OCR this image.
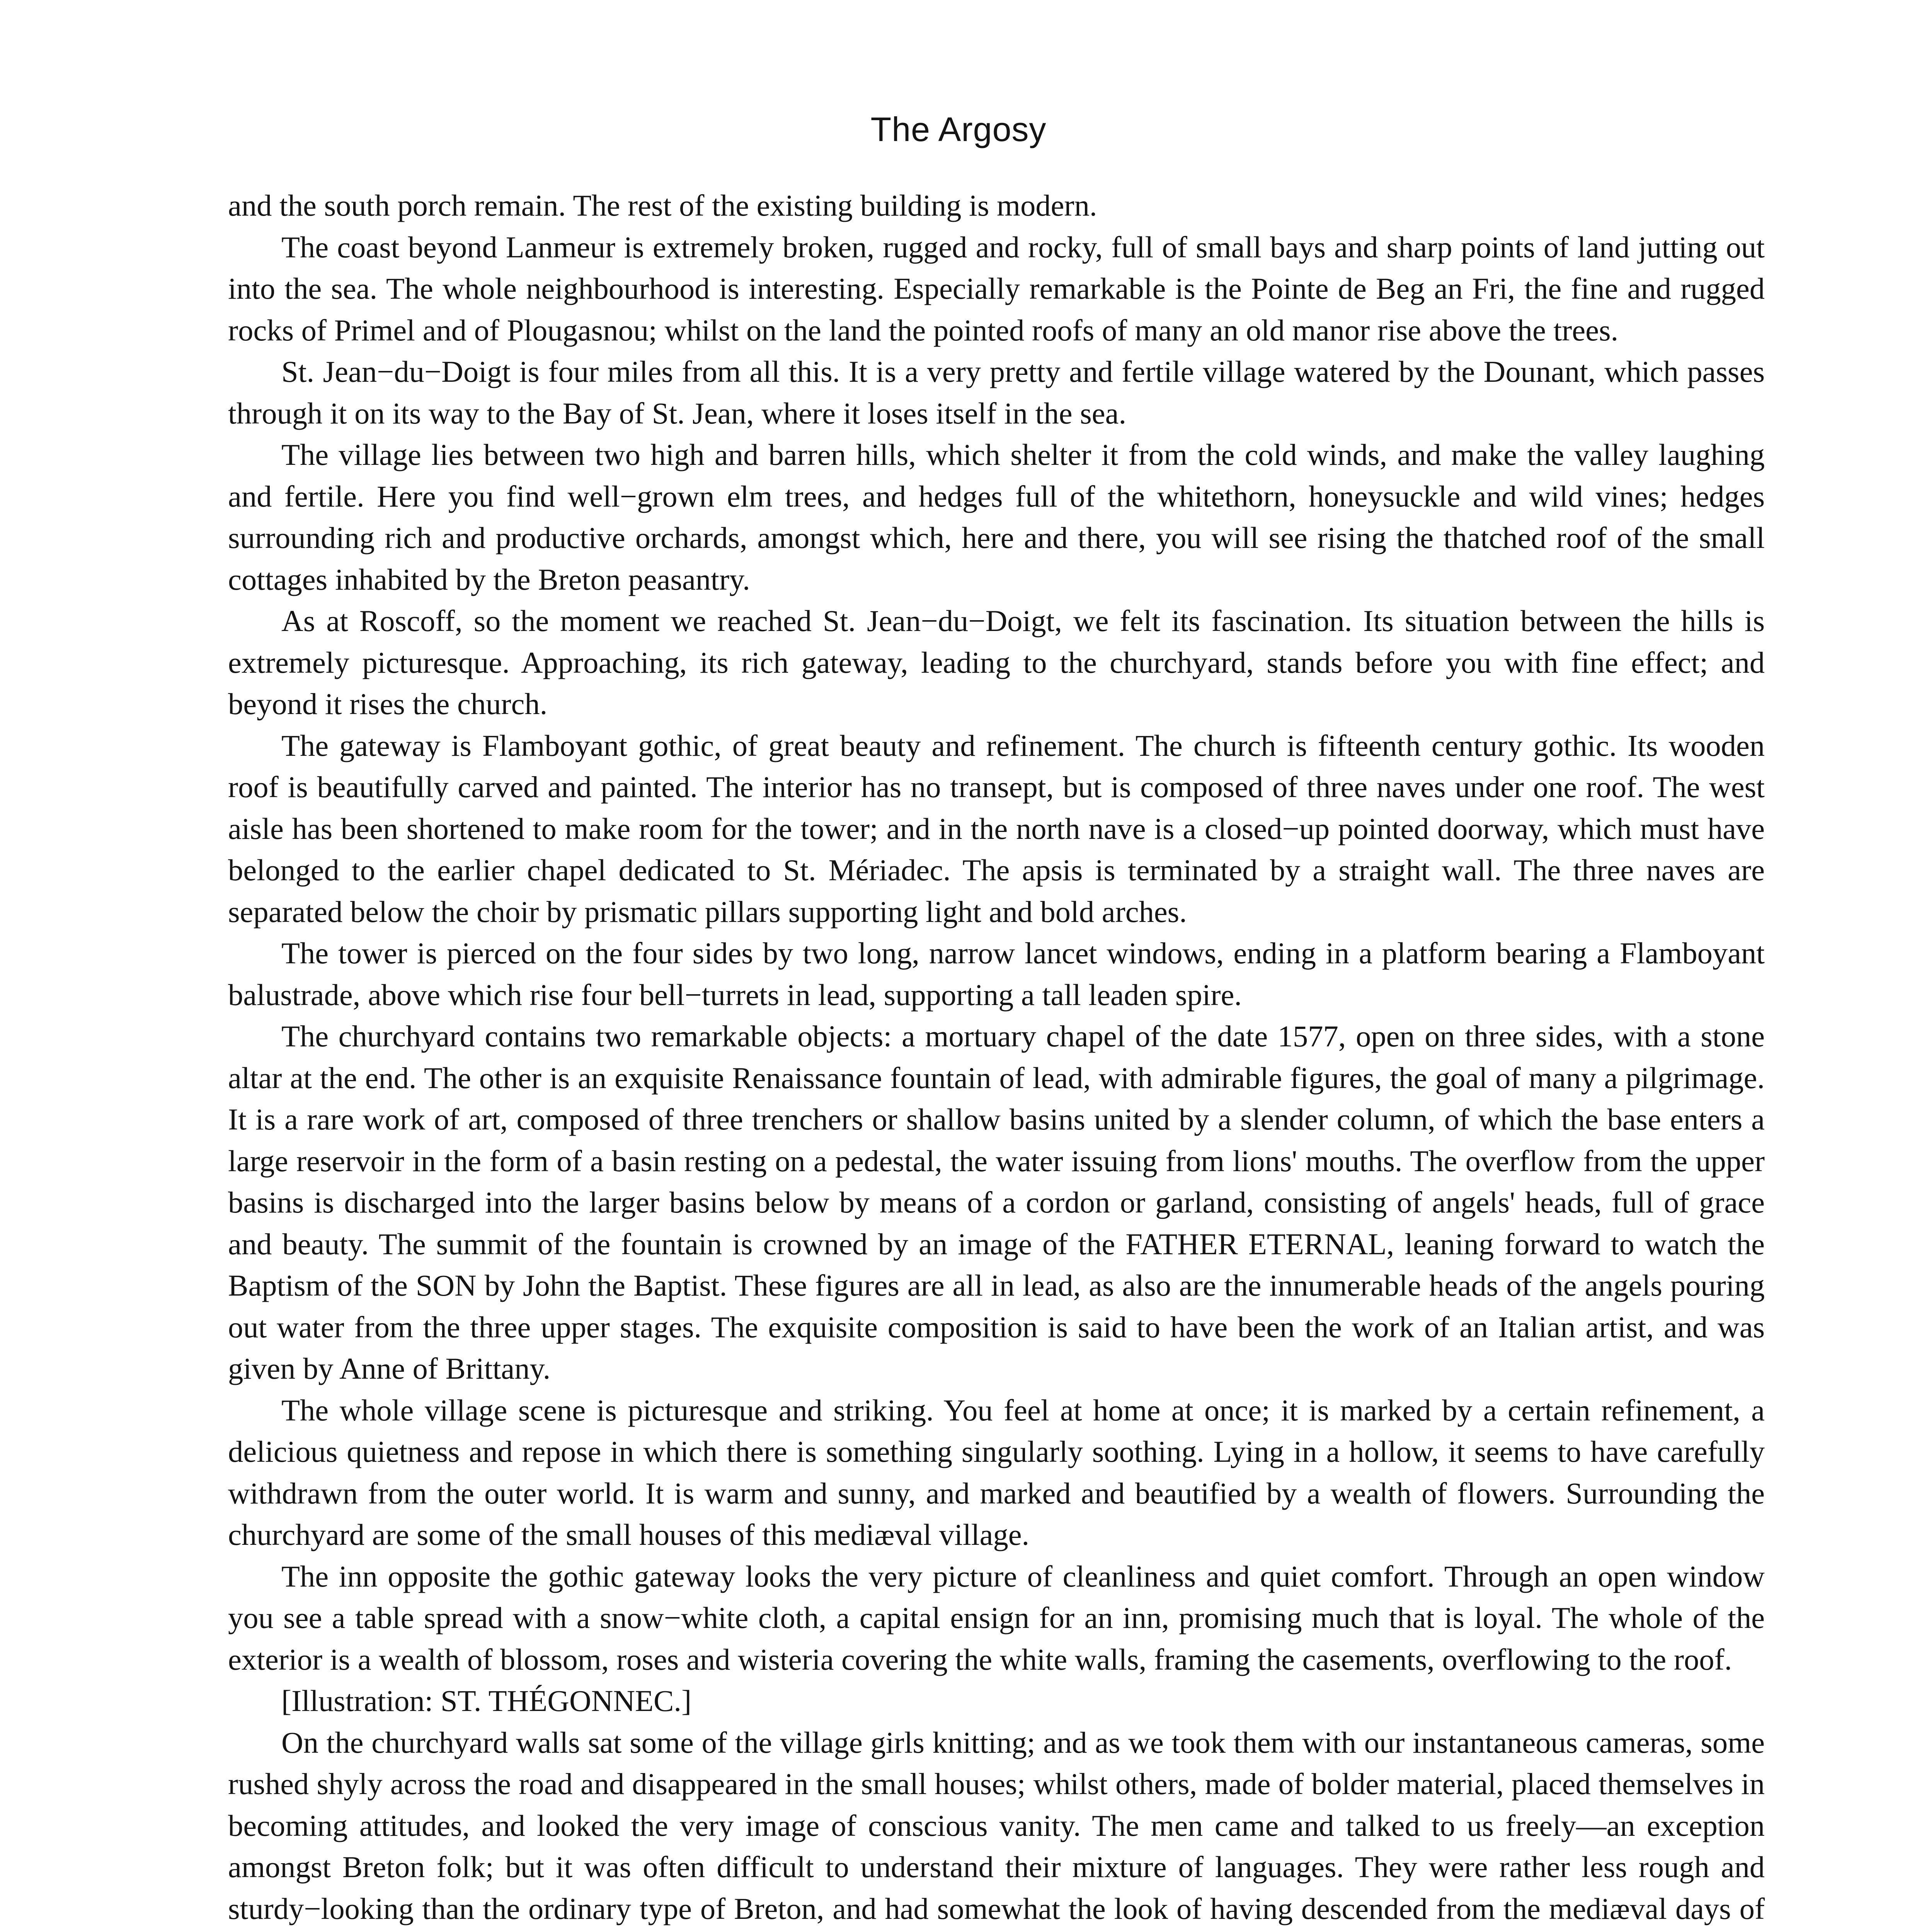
The Argosy

and the south porch remain. The rest of the existing building is modern.

The coast beyond Lanmeur is extremely broken, rugged and rocky, full of small bays and sharp points of land jutting out into the sea. The whole neighbourhood is interesting. Especially remarkable is the Pointe de Beg an Fri, the fine and rugged rocks of Primel and of Plougasnou; whilst on the land the pointed roofs of many an old manor rise above the trees.

St. Jean−du−Doigt is four miles from all this. It is a very pretty and fertile village watered by the Dounant, which passes through it on its way to the Bay of St. Jean, where it loses itself in the sea.

The village lies between two high and barren hills, which shelter it from the cold winds, and make the valley laughing and fertile. Here you find well−grown elm trees, and hedges full of the whitethorn, honeysuckle and wild vines; hedges surrounding rich and productive orchards, amongst which, here and there, you will see rising the thatched roof of the small cottages inhabited by the Breton peasantry.

As at Roscoff, so the moment we reached St. Jean−du−Doigt, we felt its fascination. Its situation between the hills is extremely picturesque. Approaching, its rich gateway, leading to the churchyard, stands before you with fine effect; and beyond it rises the church.

The gateway is Flamboyant gothic, of great beauty and refinement. The church is fifteenth century gothic. Its wooden roof is beautifully carved and painted. The interior has no transept, but is composed of three naves under one roof. The west aisle has been shortened to make room for the tower; and in the north nave is a closed−up pointed doorway, which must have belonged to the earlier chapel dedicated to St. Mériadec. The apsis is terminated by a straight wall. The three naves are separated below the choir by prismatic pillars supporting light and bold arches.

The tower is pierced on the four sides by two long, narrow lancet windows, ending in a platform bearing a Flamboyant balustrade, above which rise four bell−turrets in lead, supporting a tall leaden spire.

The churchyard contains two remarkable objects: a mortuary chapel of the date 1577, open on three sides, with a stone altar at the end. The other is an exquisite Renaissance fountain of lead, with admirable figures, the goal of many a pilgrimage. It is a rare work of art, composed of three trenchers or shallow basins united by a slender column, of which the base enters a large reservoir in the form of a basin resting on a pedestal, the water issuing from lions' mouths. The overflow from the upper basins is discharged into the larger basins below by means of a cordon or garland, consisting of angels' heads, full of grace and beauty. The summit of the fountain is crowned by an image of the FATHER ETERNAL, leaning forward to watch the Baptism of the SON by John the Baptist. These figures are all in lead, as also are the innumerable heads of the angels pouring out water from the three upper stages. The exquisite composition is said to have been the work of an Italian artist, and was given by Anne of Brittany.

The whole village scene is picturesque and striking. You feel at home at once; it is marked by a certain refinement, a delicious quietness and repose in which there is something singularly soothing. Lying in a hollow, it seems to have carefully withdrawn from the outer world. It is warm and sunny, and marked and beautified by a wealth of flowers. Surrounding the churchyard are some of the small houses of this mediæval village.

The inn opposite the gothic gateway looks the very picture of cleanliness and quiet comfort. Through an open window you see a table spread with a snow−white cloth, a capital ensign for an inn, promising much that is loyal. The whole of the exterior is a wealth of blossom, roses and wisteria covering the white walls, framing the casements, overflowing to the roof.

[Illustration: ST. THÉGONNEC.]

On the churchyard walls sat some of the village girls knitting; and as we took them with our instantaneous cameras, some rushed shyly across the road and disappeared in the small houses; whilst others, made of bolder material, placed themselves in becoming attitudes, and looked the very image of conscious vanity. The men came and talked to us freely—an exception amongst Breton folk; but it was often difficult to understand their mixture of languages. They were rather less rough and sturdy−looking than the ordinary type of Breton, and had somewhat the look of having descended from the mediæval days of
